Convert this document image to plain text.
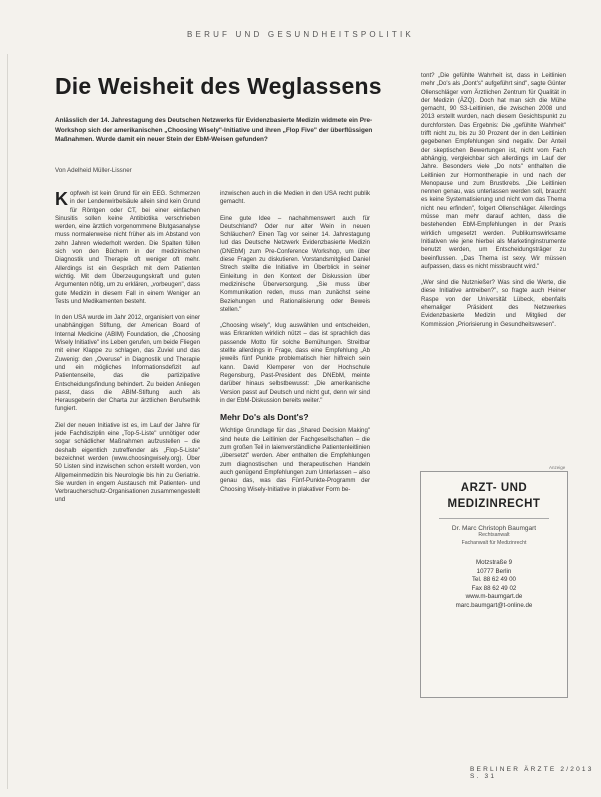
BERUF UND GESUNDHEITSPOLITIK
Die Weisheit des Weglassens
Anlässlich der 14. Jahrestagung des Deutschen Netzwerks für Evidenzbasierte Medizin widmete ein Pre-Workshop sich der amerikanischen „Choosing Wisely"-Initiative und ihren „Flop Five" der überflüssigen Maßnahmen. Wurde damit ein neuer Stein der EbM-Weisen gefunden?
Von Adelheid Müller-Lissner

Kopfweh ist kein Grund für ein EEG. Schmerzen in der Lendenwirbelsäule allein sind kein Grund für Röntgen oder CT, bei einer einfachen Sinusitis sollen keine Antibiotika verschrieben werden, eine ärztlich vorgenommene Blutgasanalyse muss normalerweise nicht früher als im Abstand von zehn Jahren wiederholt werden. Die Spalten füllen sich von den Büchern in der medizinischen Diagnostik und Therapie oft weniger oft mehr. Allerdings ist ein Gespräch mit dem Patienten wichtig. Mit dem Überzeugungskraft und guten Argumenten nötig, um zu erklären, „vorbeugen", dass gute Medizin in diesem Fall in einem Weniger an Tests und Medikamenten besteht.

In den USA wurde im Jahr 2012, organisiert von einer unabhängigen Stiftung, der American Board of Internal Medicine (ABIM) Foundation, die „Choosing Wisely Initiative" ins Leben gerufen, um beide Fliegen mit einer Klappe zu schlagen, das Zuviel und das Zuwenig: den „Overuse" in Diagnostik und Therapie und ein mögliches Informationsdefizit auf Patientenseite, das die partizipative Entscheidungsfindung behindert. Zu beiden Anliegen passt, dass die ABIM-Stiftung auch als Herausgeberin der Charta zur ärztlichen Berufsethik fungiert.

Ziel der neuen Initiative ist es, im Lauf der Jahre für jede Fachdisziplin eine „Top-5-Liste" unnötiger oder sogar schädlicher Maßnahmen aufzustellen – die deshalb eigentlich zutreffender als „Flop-5-Liste" bezeichnet werden (www.choosingwisely.org). Über 50 Listen sind inzwischen schon erstellt worden, von Allgemeinmedizin bis Neurologie bis hin zu Geriatrie. Sie wurden in engem Austausch mit Patienten- und Verbraucherschutz-Organisationen zusammengestellt und

inzwischen auch in die Medien in den USA recht publik gemacht.

Eine gute Idee – nachahmenswert auch für Deutschland? Oder nur alter Wein in neuen Schläuchen? Einen Tag vor seiner 14. Jahrestagung lud das Deutsche Netzwerk Evidenzbasierte Medizin (DNEbM) zum Pre-Conference Workshop, um über diese Fragen zu diskutieren. Vorstandsmitglied Daniel Strech stellte die Initiative im Überblick in seiner Einleitung in den Kontext der Diskussion über medizinische Überversorgung. „Sie muss über Kommunikation reden, muss man zunächst seine Beziehungen und Rationalisierung oder Beweis stellen."

„Choosing wisely", klug auswählen und entscheiden, was Erkrankten wirklich nützt – das ist sprachlich das passende Motto für solche Bemühungen. Streitbar stellte allerdings in Frage, dass eine Empfehlung „Ab jeweils fünf Punkte problematisch hier hilfreich sein kann. David Klemperer von der Hochschule Regensburg, Past-President des DNEbM, meinte darüber hinaus selbstbewusst: „Die amerikanische Version passt auf Deutsch und nicht gut, denn wir sind in der EbM-Diskussion bereits weiter."

Mehr Do's als Dont's?

Wichtige Grundlage für das „Shared Decision Making" sind heute die Leitlinien der Fachgesellschaften – die zum großen Teil in laienverständliche Patientenleitlinien „übersetzt" werden. Aber enthalten die Empfehlungen zum diagnostischen und therapeutischen Handeln auch genügend Empfehlungen zum Unterlassen – also genau das, was das Fünf-Punkte-Programm der Choosing Wisely-Initiative in plakativer Form be-

tont? „Die gefühlte Wahrheit ist, dass in Leitlinien mehr „Do's als „Dont's" aufgeführt sind", sagte Günter Ollenschläger vom Ärztlichen Zentrum für Qualität in der Medizin (ÄZQ). Doch hat man sich die Mühe gemacht, 90 S3-Leitlinien, die zwischen 2008 und 2013 erstellt wurden, nach diesem Gesichtspunkt zu durchforsten. Das Ergebnis: Die „gefühlte Wahrheit" trifft nicht zu, bis zu 30 Prozent der in den Leitlinien gegebenen Empfehlungen sind negativ. Der Anteil der skeptischen Bewertungen ist, nicht vom Fach abhängig, vergleichbar sich allerdings im Lauf der Jahre. Besonders viele „Do nots" enthalten die Leitlinien zur Hormontherapie in und nach der Menopause und zum Brustkrebs. „Die Leitlinien nennen genau, was unterlassen werden soll, braucht es keine Systematisierung und nicht vom das Thema nicht neu erfinden", folgert Ollenschläger. Allerdings müsse man mehr darauf achten, dass die bestehenden EbM-Empfehlungen in der Praxis wirklich umgesetzt werden. Publikumswirksame Initiativen wie jene hierbei als Marketinginstrumente benutzt werden, um Entscheidungsträger zu beeinflussen. „Das Thema ist sexy. Wir müssen aufpassen, dass es nicht missbraucht wird."

„Wer sind die Nutznießer? Was sind die Werte, die diese Initiative antreiben?", so fragte auch Heiner Raspe von der Universität Lübeck, ebenfalls ehemaliger Präsident des Netzwerkes Evidenzbasierte Medizin und Mitglied der Kommission „Priorisierung in Gesundheitswesen".

Anzeige
ARZT- UND
MEDIZINRECHT
Dr. Marc Christoph Baumgart
Rechtsanwalt
Fachanwalt für Medizinrecht
Motzstraße 9
10777 Berlin
Tel. 88 62 49 00
Fax 88 62 49 02
www.m-baumgart.de
marc.baumgart@t-online.de
BERLINER ÄRZTE 2/2013 S. 31
